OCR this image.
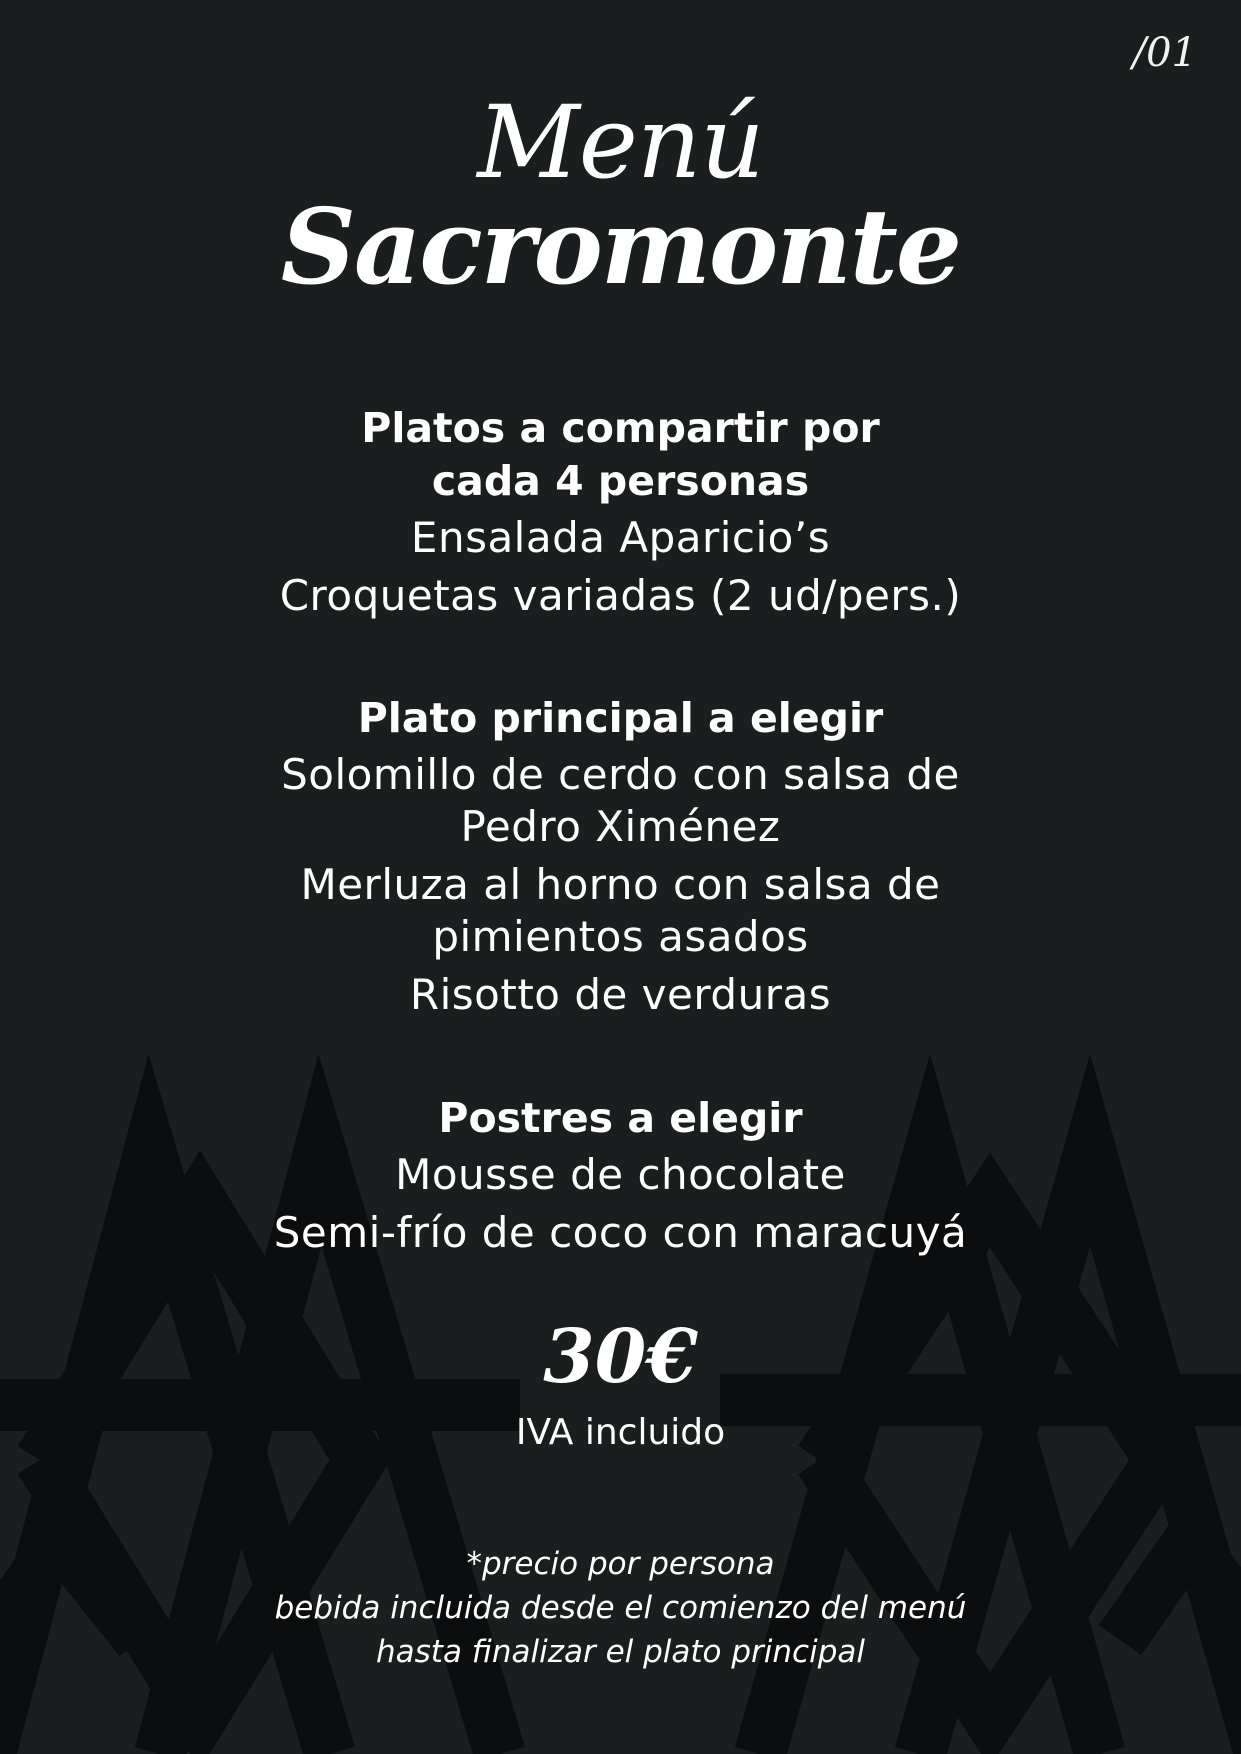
/01
Menú
Sacromonte
Platos a compartir por cada 4 personas
Ensalada Aparicio’s
Croquetas variadas (2 ud/pers.)
Plato principal a elegir
Solomillo de cerdo con salsa de Pedro Ximénez
Merluza al horno con salsa de pimientos asados
Risotto de verduras
Postres a elegir
Mousse de chocolate
Semi-frío de coco con maracuyá
30€
IVA incluido
*precio por persona
bebida incluida desde el comienzo del menú
hasta finalizar el plato principal
